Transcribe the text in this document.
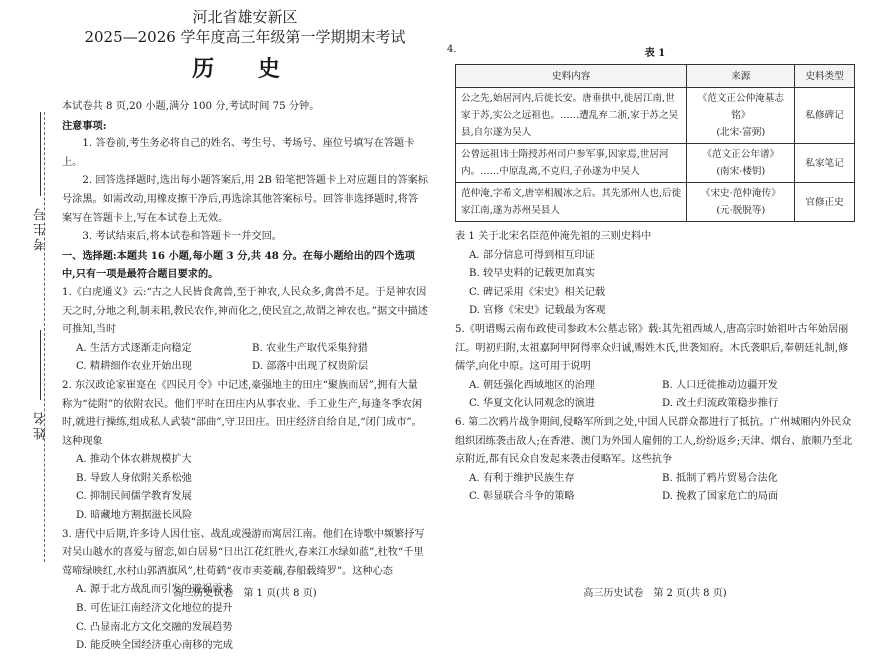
考生号
姓名
河北省雄安新区
2025—2026 学年度高三年级第一学期期末考试
历 史

本试卷共 8 页,20 小题,满分 100 分,考试时间 75 分钟。

注意事项:

1. 答卷前,考生务必将自己的姓名、考生号、考场号、座位号填写在答题卡上。

2. 回答选择题时,选出每小题答案后,用 2B 铅笔把答题卡上对应题目的答案标号涂黑。如需改动,用橡皮擦干净后,再选涂其他答案标号。回答非选择题时,将答案写在答题卡上,写在本试卷上无效。

3. 考试结束后,将本试卷和答题卡一并交回。

一、选择题:本题共 16 小题,每小题 3 分,共 48 分。在每小题给出的四个选项中,只有一项是最符合题目要求的。

1.《白虎通义》云:“古之人民皆食禽兽,至于神农,人民众多,禽兽不足。于是神农因天之时,分地之利,制耒耜,教民农作,神而化之,使民宜之,故谓之神农也。”据文中描述可推知,当时

A. 生活方式逐渐走向稳定	B. 农业生产取代采集狩猎
C. 精耕细作农业开始出现	D. 部落中出现了权贵阶层

2. 东汉政论家崔寔在《四民月令》中记述,豪强地主的田庄“聚族而居”,拥有大量称为“徒附”的依附农民。他们平时在田庄内从事农业、手工业生产,每逢冬季农闲时,就进行操练,组成私人武装“部曲”,守卫田庄。田庄经济自给自足,“闭门成市”。这种现象

A. 推动个体农耕规模扩大

B. 导致人身依附关系松弛

C. 抑制民间儒学教育发展

D. 暗藏地方割据滋长风险

3. 唐代中后期,许多诗人因仕宦、战乱或漫游而寓居江南。他们在诗歌中频繁抒写对吴山越水的喜爱与留恋,如白居易“日出江花红胜火,春来江水绿如蓝”,杜牧“千里莺啼绿映红,水村山郭酒旗风”,杜荀鹤“夜市卖菱藕,春船载绮罗”。这种心态

A. 源于北方战乱而引发的避祸需求

B. 可佐证江南经济文化地位的提升

C. 凸显南北方文化交融的发展趋势

D. 能反映全国经济重心南移的完成

高三历史试卷　第 1 页(共 8 页)
4.	表 1
史料内容	来源	史料类型
公之先,始居河内,后徙长安。唐垂拱中,徙居江南,世家于苏,实公之远祖也。……遭乱弃二浙,家于苏之吴县,自尔遂为吴人	《范文正公仲淹墓志铭》
(北宋·富弼)	私修碑记
公曾远祖讳士隋授苏州司户参军事,因家焉,世居河内。……中原乱离,不克归,子孙遂为中吴人	《范文正公年谱》
(南宋·楼钥)	私家笔记
范仲淹,字希文,唐宰相履冰之后。其先邠州人也,后徙家江南,遂为苏州吴县人	《宋史·范仲淹传》
(元·脱脱等)	官修正史

表 1 关于北宋名臣范仲淹先祖的三则史料中

A. 部分信息可得到相互印证

B. 较早史料的记载更加真实

C. 碑记采用《宋史》相关记载

D. 官修《宋史》记载最为客观

5.《明谱赐云南布政使司参政木公墓志铭》载:其先祖西域人,唐高宗时始祖叶古年始居丽江。明初归附,太祖嘉阿甲阿得率众归诚,赐姓木氏,世袭知府。木氏袭职后,奉朝廷礼制,修儒学,向化中原。这可用于说明

A. 朝廷强化西域地区的治理	B. 人口迁徙推动边疆开发
C. 华夏文化认同观念的演进	D. 改土归流政策稳步推行

6. 第二次鸦片战争期间,侵略军所到之处,中国人民群众都进行了抵抗。广州城厢内外民众组织团练袭击敌人;在香港、澳门为外国人雇佣的工人,纷纷返乡;天津、烟台、旅顺乃至北京附近,都有民众自发起来袭击侵略军。这些抗争

A. 有利于维护民族生存	B. 抵制了鸦片贸易合法化
C. 彰显联合斗争的策略	D. 挽救了国家危亡的局面
高三历史试卷　第 2 页(共 8 页)
